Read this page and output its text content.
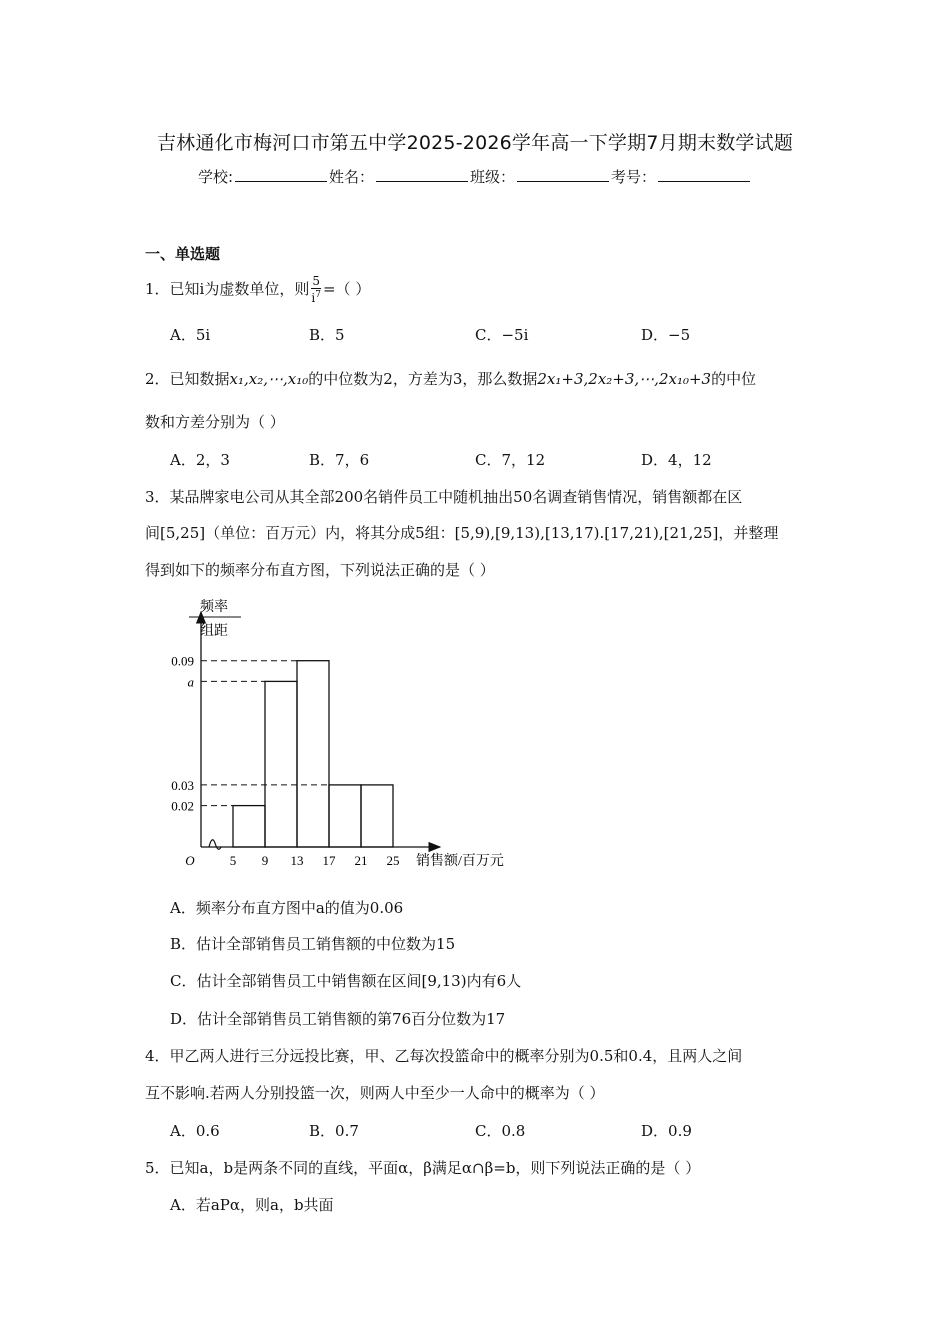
吉林通化市梅河口市第五中学2025-2026学年高一下学期7月期末数学试题
学校:	姓名：	班级：	考号：
一、单选题
1．已知i为虚数单位，则 $\frac{5}{i^7}$ =（ ）
A．5i	B．5	C．−5i	D．−5
2．已知数据x₁,x₂,⋯,x₁₀的中位数为2，方差为3，那么数据2x₁+3,2x₂+3,⋯,2x₁₀+3的中位
数和方差分别为（ ）
A．2，3	B．7，6	C．7，12	D．4，12
3．某品牌家电公司从其全部200名销件员工中随机抽出50名调查销售情况，销售额都在区
间[5,25]（单位：百万元）内，将其分成5组：[5,9),[9,13),[13,17).[17,21),[21,25]，并整理
得到如下的频率分布直方图，下列说法正确的是（ ）
频率
组距
0.09
a
0.03
0.02
5 9 13 17 21 25
O	销售额/百万元
A．频率分布直方图中a的值为0.06
B．估计全部销售员工销售额的中位数为15
C．估计全部销售员工中销售额在区间[9,13)内有6人
D．估计全部销售员工销售额的第76百分位数为17
4．甲乙两人进行三分远投比赛，甲、乙每次投篮命中的概率分别为0.5和0.4，且两人之间
互不影响.若两人分别投篮一次，则两人中至少一人命中的概率为（ ）
A．0.6	B．0.7	C．0.8	D．0.9
5．已知a，b是两条不同的直线，平面α，β满足α∩β=b，则下列说法正确的是（ ）
A．若aPα，则a，b共面
